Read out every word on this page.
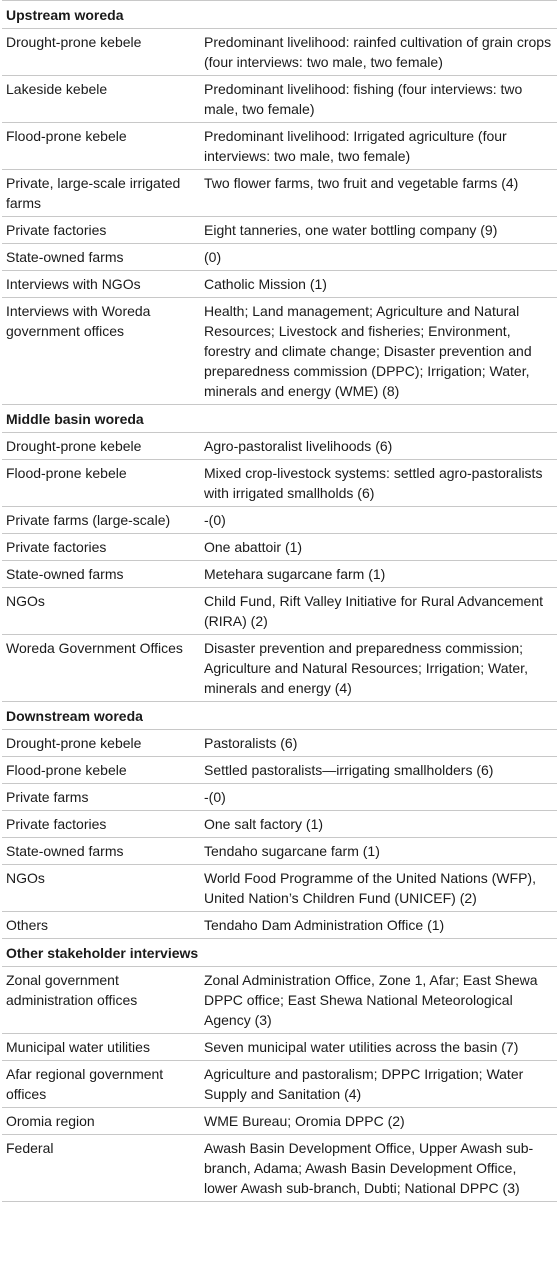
Upstream woreda	
Drought-prone kebele	Predominant livelihood: rainfed cultivation of grain crops (four interviews: two male, two female)
Lakeside kebele	Predominant livelihood: fishing (four interviews: two male, two female)
Flood-prone kebele	Predominant livelihood: Irrigated agriculture (four interviews: two male, two female)
Private, large-scale irrigated farms	Two flower farms, two fruit and vegetable farms (4)
Private factories	Eight tanneries, one water bottling company (9)
State-owned farms	(0)
Interviews with NGOs	Catholic Mission (1)
Interviews with Woreda government offices	Health; Land management; Agriculture and Natural Resources; Livestock and fisheries; Environment, forestry and climate change; Disaster prevention and preparedness commission (DPPC); Irrigation; Water, minerals and energy (WME) (8)
Middle basin woreda	
Drought-prone kebele	Agro-pastoralist livelihoods (6)
Flood-prone kebele	Mixed crop-livestock systems: settled agro-pastoralists with irrigated smallholds (6)
Private farms (large-scale)	-(0)
Private factories	One abattoir (1)
State-owned farms	Metehara sugarcane farm (1)
NGOs	Child Fund, Rift Valley Initiative for Rural Advancement (RIRA) (2)
Woreda Government Offices	Disaster prevention and preparedness commission; Agriculture and Natural Resources; Irrigation; Water, minerals and energy (4)
Downstream woreda	
Drought-prone kebele	Pastoralists (6)
Flood-prone kebele	Settled pastoralists—irrigating smallholders (6)
Private farms	-(0)
Private factories	One salt factory (1)
State-owned farms	Tendaho sugarcane farm (1)
NGOs	World Food Programme of the United Nations (WFP), United Nation’s Children Fund (UNICEF) (2)
Others	Tendaho Dam Administration Office (1)
Other stakeholder interviews	
Zonal government administration offices	Zonal Administration Office, Zone 1, Afar; East Shewa DPPC office; East Shewa National Meteorological Agency (3)
Municipal water utilities	Seven municipal water utilities across the basin (7)
Afar regional government offices	Agriculture and pastoralism; DPPC Irrigation; Water Supply and Sanitation (4)
Oromia region	WME Bureau; Oromia DPPC (2)
Federal	Awash Basin Development Office, Upper Awash sub-branch, Adama; Awash Basin Development Office, lower Awash sub-branch, Dubti; National DPPC (3)
